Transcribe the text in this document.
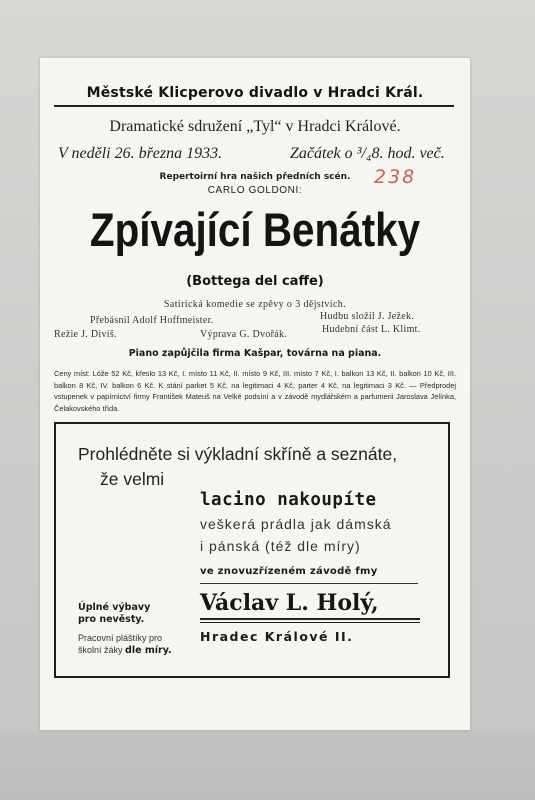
Městské Klicperovo divadlo v Hradci Král.
Dramatické sdružení „Tyl“ v Hradci Králové.
V neděli 26. března 1933.	Začátek o ³/₄8. hod. več.
Repertoirní hra našich předních scén.	238
CARLO GOLDONI:
Zpívající Benátky
(Bottega del caffe)
Satirická komedie se zpěvy o 3 dějstvích.
Přebásnil Adolf Hoffmeister.	Hudbu složil J. Ježek.
Režie J. Diviš.	Výprava G. Dvořák.	Hudební část L. Klimt.
Piano zapůjčila firma Kašpar, továrna na piana.
Ceny míst: Lóže 52 Kč, křeslo 13 Kč, I. místo 11 Kč, II. místo 9 Kč, III. místo 7 Kč, I. balkon 13 Kč, II. balkon 10 Kč, III. balkon 8 Kč, IV. balkon 6 Kč. K stání parket 5 Kč, na legitimaci 4 Kč, parter 4 Kč, na legitimaci 3 Kč. — Předprodej vstupenek v papírnictví firmy František Mateuš na Velké podsíní a v závodě mydlářském a parfumerii Jaroslava Jelínka, Čelakovského třída.
Prohlédněte si výkladní skříně a seznáte,
že velmi
lacino nakoupíte
veškerá prádla jak dámská
i pánská (též dle míry)
ve znovuzřízeném závodě fmy
Václav L. Holý,
Hradec Králové II.
Úplné výbavy
pro nevěsty.
Pracovní pláštíky pro
školní žáky dle míry.
